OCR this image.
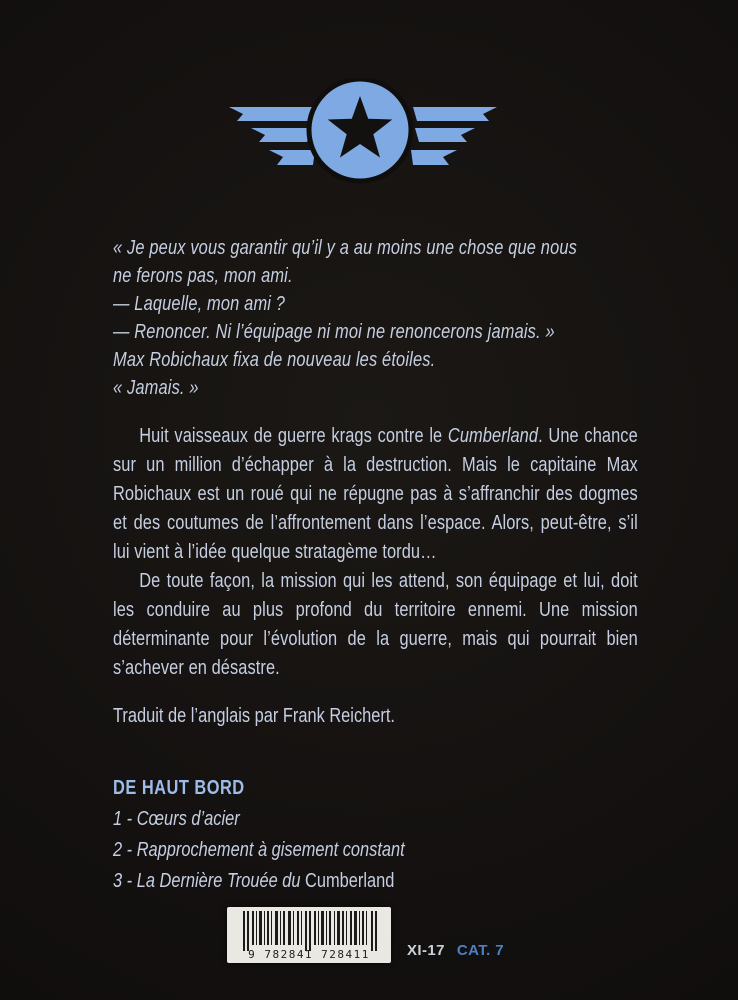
« Je peux vous garantir qu’il y a au moins une chose que nous
ne ferons pas, mon ami.
— Laquelle, mon ami ?
— Renoncer. Ni l’équipage ni moi ne renoncerons jamais. »
Max Robichaux fixa de nouveau les étoiles.
« Jamais. »

Huit vaisseaux de guerre krags contre le Cumberland. Une chance sur un million d’échapper à la destruction. Mais le capitaine Max Robichaux est un roué qui ne répugne pas à s’affranchir des dogmes et des coutumes de l’affrontement dans l’espace. Alors, peut-être, s’il lui vient à l’idée quelque stratagème tordu…

De toute façon, la mission qui les attend, son équipage et lui, doit les conduire au plus profond du territoire ennemi. Une mission déterminante pour l’évolution de la guerre, mais qui pourrait bien s’achever en désastre.

Traduit de l’anglais par Frank Reichert.
DE HAUT BORD
1 - Cœurs d’acier
2 - Rapprochement à gisement constant
3 - La Dernière Trouée du Cumberland
9 782841 728411	XI-17 CAT. 7
